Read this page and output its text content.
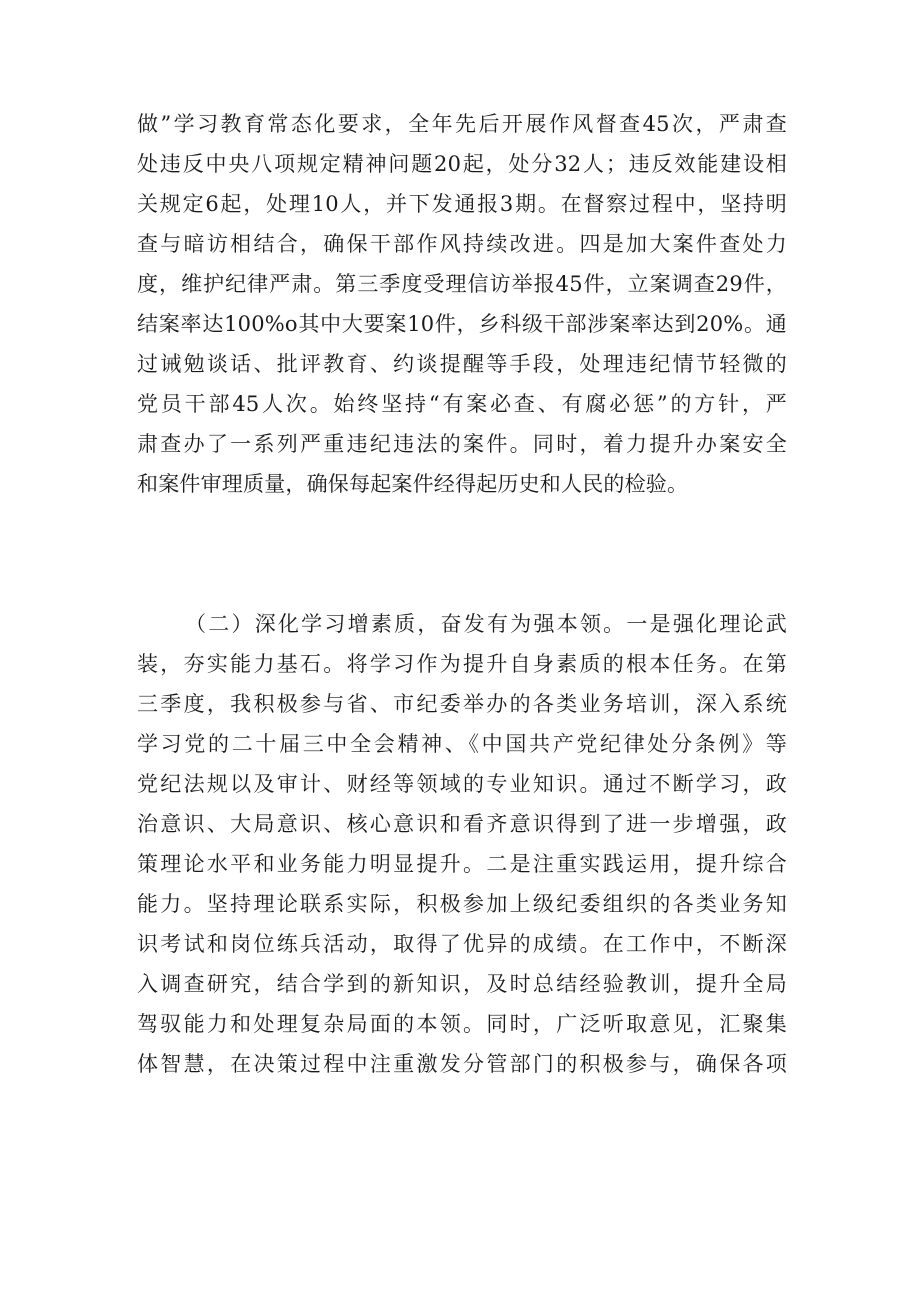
做”学习教育常态化要求，全年先后开展作风督查45次，严肃查
处违反中央八项规定精神问题20起，处分32人；违反效能建设相
关规定6起，处理10人，并下发通报3期。在督察过程中，坚持明
查与暗访相结合，确保干部作风持续改进。四是加大案件查处力
度，维护纪律严肃。第三季度受理信访举报45件，立案调查29件，
结案率达100%o其中大要案10件，乡科级干部涉案率达到20%。通
过诫勉谈话、批评教育、约谈提醒等手段，处理违纪情节轻微的
党员干部45人次。始终坚持“有案必查、有腐必惩”的方针，严
肃查办了一系列严重违纪违法的案件。同时，着力提升办案安全
和案件审理质量，确保每起案件经得起历史和人民的检验。
（二）深化学习增素质，奋发有为强本领。一是强化理论武
装，夯实能力基石。将学习作为提升自身素质的根本任务。在第
三季度，我积极参与省、市纪委举办的各类业务培训，深入系统
学习党的二十届三中全会精神、《中国共产党纪律处分条例》等
党纪法规以及审计、财经等领域的专业知识。通过不断学习，政
治意识、大局意识、核心意识和看齐意识得到了进一步增强，政
策理论水平和业务能力明显提升。二是注重实践运用，提升综合
能力。坚持理论联系实际，积极参加上级纪委组织的各类业务知
识考试和岗位练兵活动，取得了优异的成绩。在工作中，不断深
入调查研究，结合学到的新知识，及时总结经验教训，提升全局
驾驭能力和处理复杂局面的本领。同时，广泛听取意见，汇聚集
体智慧，在决策过程中注重激发分管部门的积极参与，确保各项
